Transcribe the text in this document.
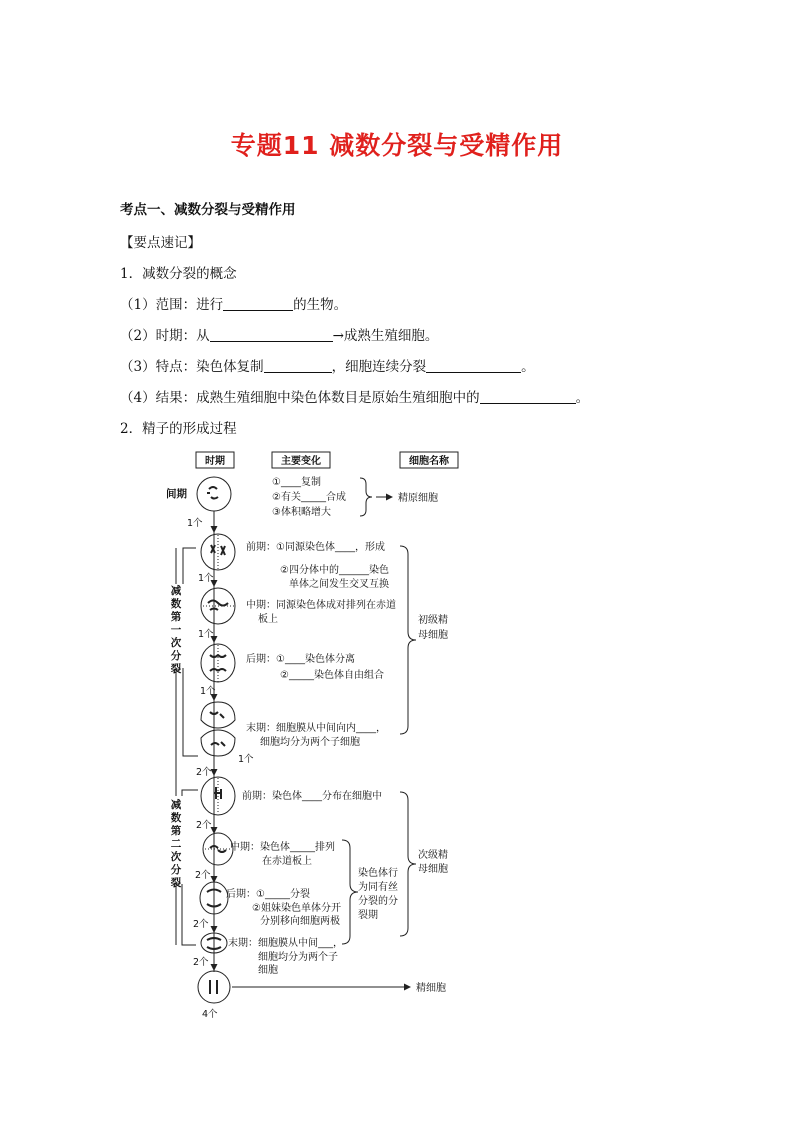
专题11 减数分裂与受精作用
考点一、减数分裂与受精作用
【要点速记】
1．减数分裂的概念
（1）范围：进行	的生物。
（2）时期：从	→成熟生殖细胞。
（3）特点：染色体复制	，细胞连续分裂	。
（4）结果：成熟生殖细胞中染色体数目是原始生殖细胞中的	。
2．精子的形成过程
时期	主要变化	细胞名称
1个
1个
1个
1个
1个
2个
2个
2个
2个
2个
4个
减数第一次分裂
减数第二次分裂
间期
①____复制
②有关_____合成
③体积略增大
精原细胞
前期：①同源染色体____，形成
②四分体中的______染色
单体之间发生交叉互换
中期：同源染色体成对排列在赤道
板上
后期：①____染色体分离
②_____染色体自由组合
末期：细胞膜从中间向内____，
细胞均分为两个子细胞
初级精
母细胞
前期：染色体____分布在细胞中
中期：染色体_____排列
在赤道板上
后期：①_____分裂
②姐妹染色单体分开
分别移向细胞两极
末期：细胞膜从中间___，
细胞均分为两个子
细胞
染色体行
为同有丝
分裂的分
裂期
次级精
母细胞
精细胞
